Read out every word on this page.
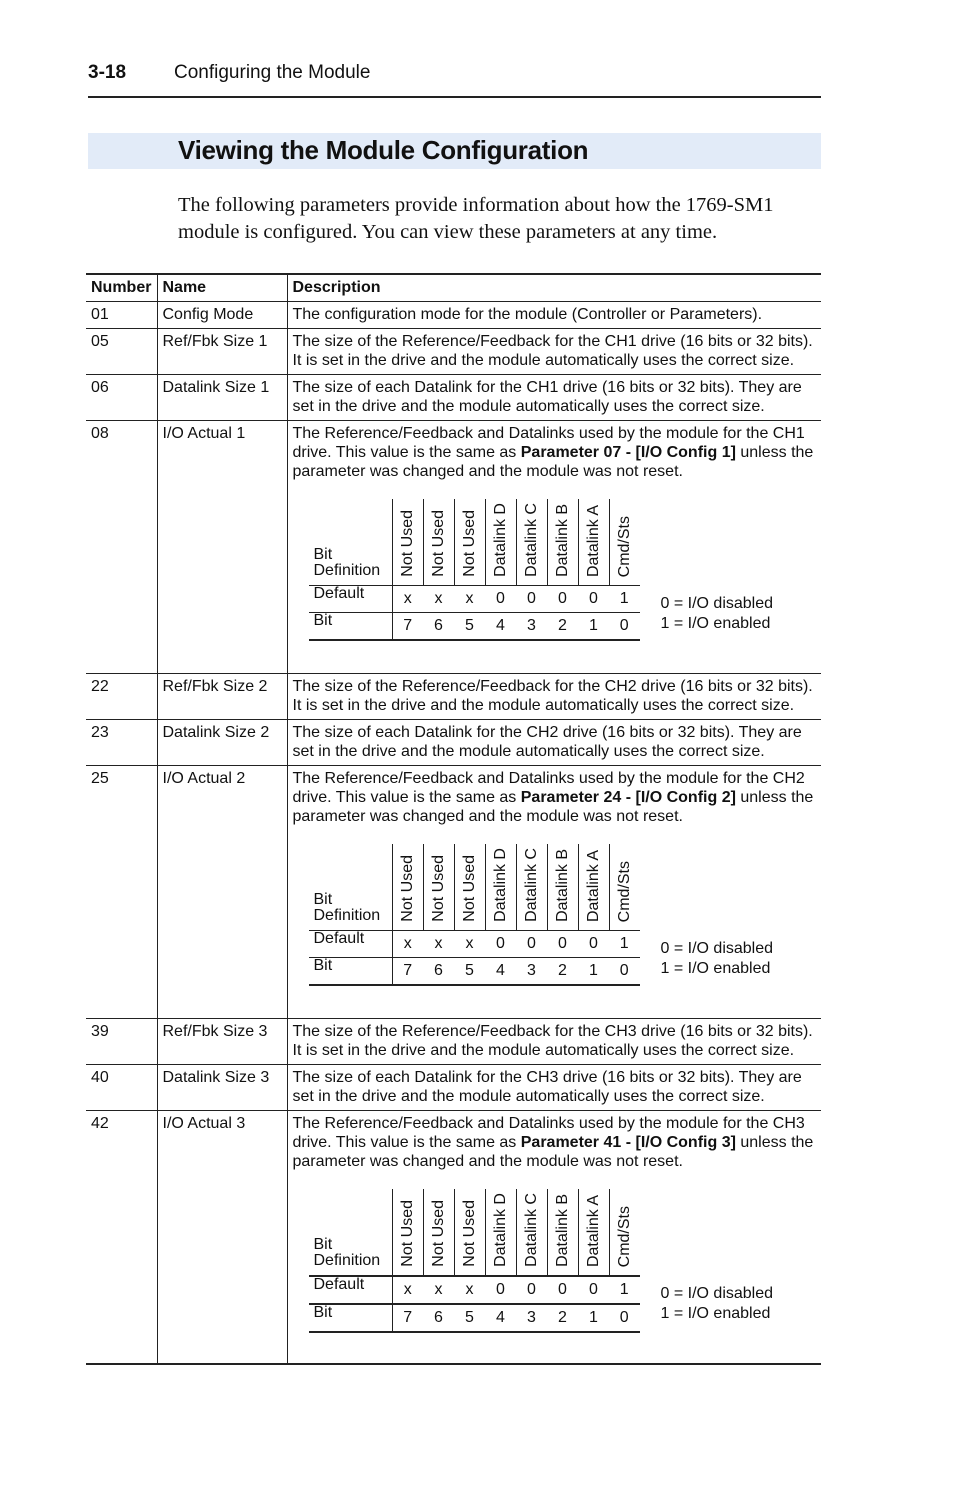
3-18	Configuring the Module
Viewing the Module Configuration

The following parameters provide information about how the 1769-SM1 module is configured. You can view these parameters at any time.

Number	Name	Description
01	Config Mode	The configuration mode for the module (Controller or Parameters).
05	Ref/Fbk Size 1	The size of the Reference/Feedback for the CH1 drive (16 bits or 32 bits). It is set in the drive and the module automatically uses the correct size.
06	Datalink Size 1	The size of each Datalink for the CH1 drive (16 bits or 32 bits). They are set in the drive and the module automatically uses the correct size.
08	I/O Actual 1	The Reference/Feedback and Datalinks used by the module for the CH1 drive. This value is the same as Parameter 07 - [I/O Config 1] unless the parameter was changed and the module was not reset.
Bit Definition	Not Used	Not Used	Not Used	Datalink D	Datalink C	Datalink B	Datalink A	Cmd/Sts
Default	x	x	x	0	0	0	0	1
Bit	7	6	5	4	3	2	1	0
0 = I/O disabled
1 = I/O enabled

22	Ref/Fbk Size 2	The size of the Reference/Feedback for the CH2 drive (16 bits or 32 bits). It is set in the drive and the module automatically uses the correct size.
23	Datalink Size 2	The size of each Datalink for the CH2 drive (16 bits or 32 bits). They are set in the drive and the module automatically uses the correct size.
25	I/O Actual 2	The Reference/Feedback and Datalinks used by the module for the CH2 drive. This value is the same as Parameter 24 - [I/O Config 2] unless the parameter was changed and the module was not reset.
Bit Definition	Not Used	Not Used	Not Used	Datalink D	Datalink C	Datalink B	Datalink A	Cmd/Sts
Default	x	x	x	0	0	0	0	1
Bit	7	6	5	4	3	2	1	0
0 = I/O disabled
1 = I/O enabled

39	Ref/Fbk Size 3	The size of the Reference/Feedback for the CH3 drive (16 bits or 32 bits). It is set in the drive and the module automatically uses the correct size.
40	Datalink Size 3	The size of each Datalink for the CH3 drive (16 bits or 32 bits). They are set in the drive and the module automatically uses the correct size.
42	I/O Actual 3	The Reference/Feedback and Datalinks used by the module for the CH3 drive. This value is the same as Parameter 41 - [I/O Config 3] unless the parameter was changed and the module was not reset.
Bit Definition	Not Used	Not Used	Not Used	Datalink D	Datalink C	Datalink B	Datalink A	Cmd/Sts
Default	x	x	x	0	0	0	0	1
Bit	7	6	5	4	3	2	1	0
0 = I/O disabled
1 = I/O enabled
